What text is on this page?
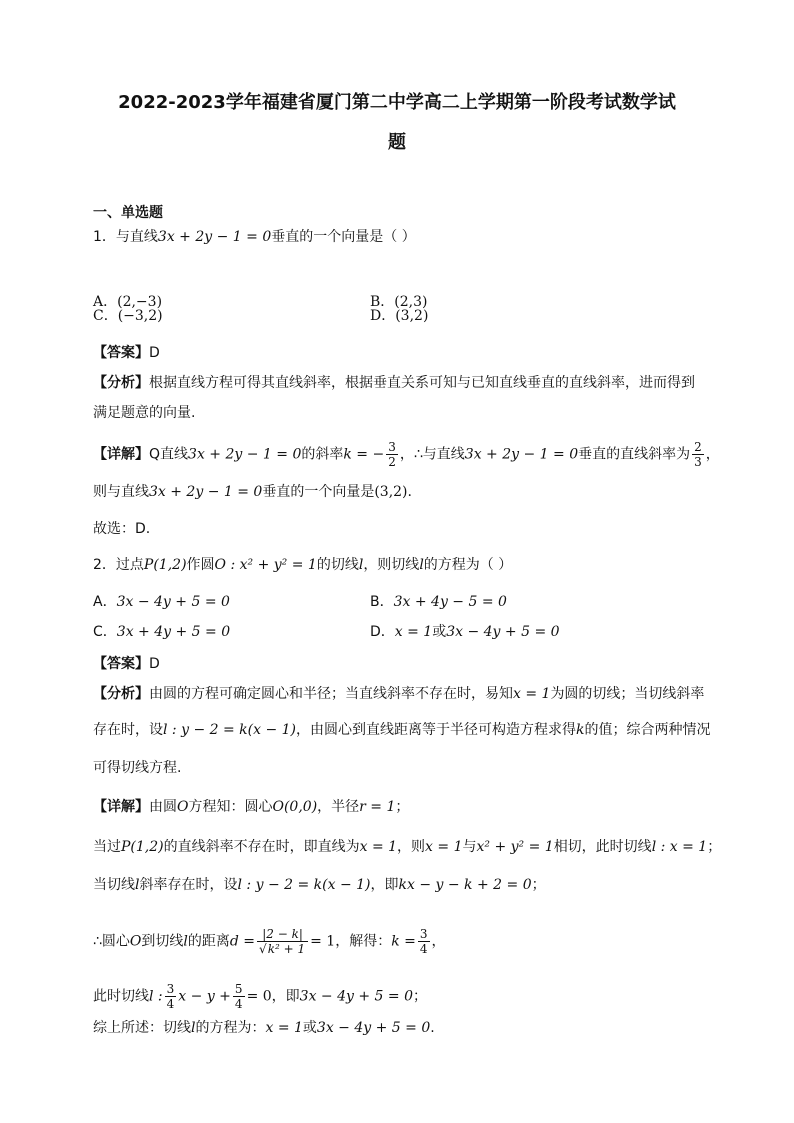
2022-2023学年福建省厦门第二中学高二上学期第一阶段考试数学试
题
一、单选题
1．与直线3x + 2y − 1 = 0垂直的一个向量是（ ）
A．(2,−3)	B．(2,3)
C．(−3,2)	D．(3,2)
【答案】D
【分析】根据直线方程可得其直线斜率，根据垂直关系可知与已知直线垂直的直线斜率，进而得到
满足题意的向量.
【详解】Q直线3x + 2y − 1 = 0的斜率k = − $\frac{3}{2}$ ，∴与直线3x + 2y − 1 = 0垂直的直线斜率为 $\frac{2}{3}$ ，
则与直线3x + 2y − 1 = 0垂直的一个向量是(3,2).
故选：D.
2．过点P(1,2)作圆O : x² + y² = 1的切线l，则切线l的方程为（ ）
A．3x − 4y + 5 = 0	B．3x + 4y − 5 = 0
C．3x + 4y + 5 = 0	D．x = 1或3x − 4y + 5 = 0
【答案】D
【分析】由圆的方程可确定圆心和半径；当直线斜率不存在时，易知x = 1为圆的切线；当切线斜率
存在时，设l : y − 2 = k(x − 1)，由圆心到直线距离等于半径可构造方程求得k的值；综合两种情况
可得切线方程.
【详解】由圆O方程知：圆心O(0,0)，半径r = 1；
当过P(1,2)的直线斜率不存在时，即直线为x = 1，则x = 1与x² + y² = 1相切，此时切线l : x = 1；
当切线l斜率存在时，设l : y − 2 = k(x − 1)，即kx − y − k + 2 = 0；
∴圆心O到切线l的距离$d = \frac{|2 - k|}{\text{√k² + 1}} = 1$，解得：$k = \frac{3}{4}$ ，
此时切线l : $\frac{3}{4}$ $x - y + \frac{5}{4} = 0$，即3x − 4y + 5 = 0；
综上所述：切线l的方程为：x = 1或3x − 4y + 5 = 0.
